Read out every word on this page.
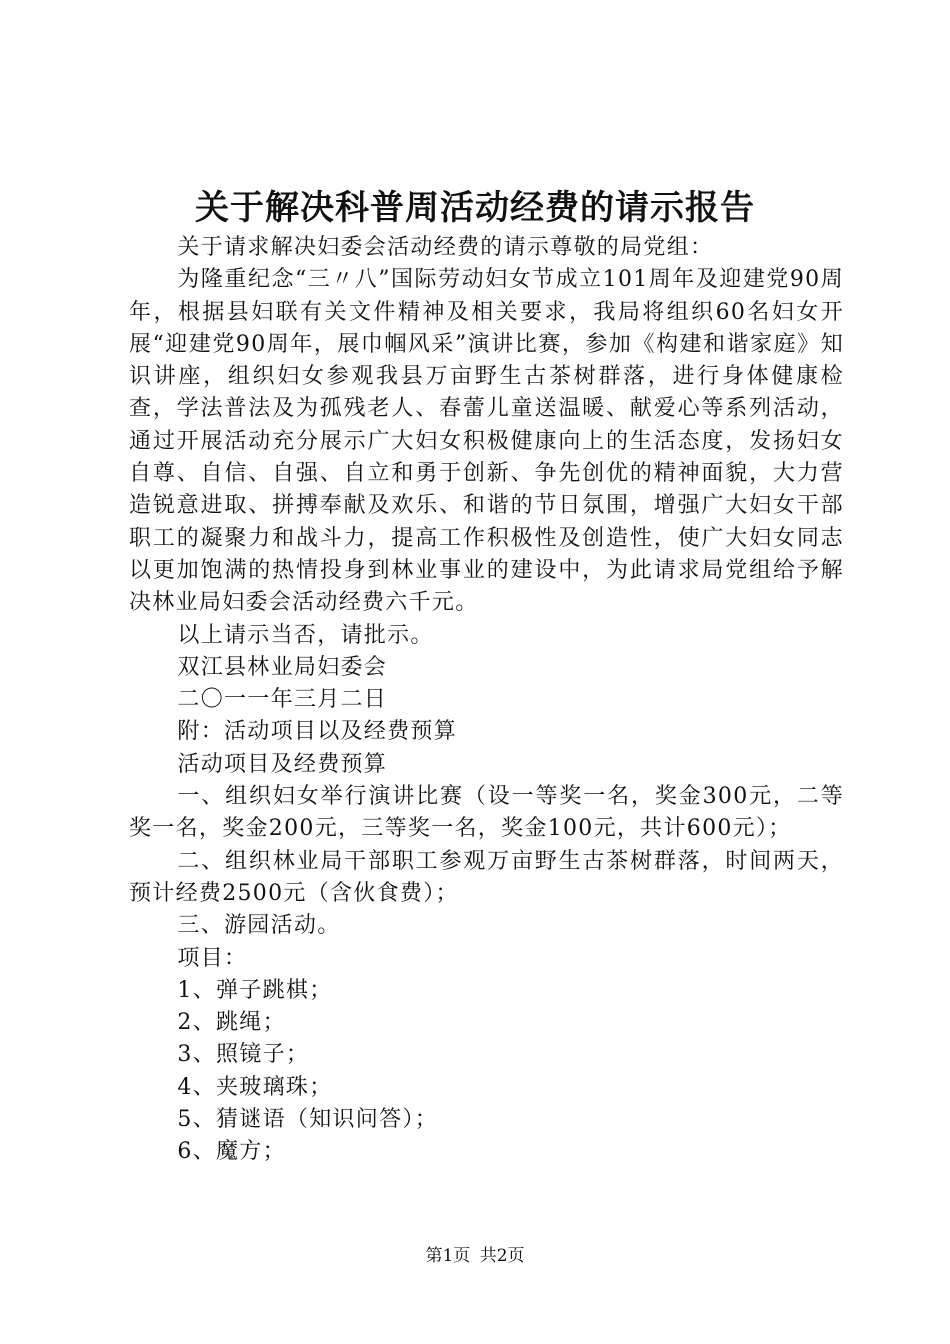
关于解决科普周活动经费的请示报告

关于请求解决妇委会活动经费的请示尊敬的局党组：

为隆重纪念“三〃八”国际劳动妇女节成立101周年及迎建党90周年，根据县妇联有关文件精神及相关要求，我局将组织60名妇女开展“迎建党90周年，展巾帼风采”演讲比赛，参加《构建和谐家庭》知识讲座，组织妇女参观我县万亩野生古茶树群落，进行身体健康检查，学法普法及为孤残老人、春蕾儿童送温暖、献爱心等系列活动，通过开展活动充分展示广大妇女积极健康向上的生活态度，发扬妇女自尊、自信、自强、自立和勇于创新、争先创优的精神面貌，大力营造锐意进取、拼搏奉献及欢乐、和谐的节日氛围，增强广大妇女干部职工的凝聚力和战斗力，提高工作积极性及创造性，使广大妇女同志以更加饱满的热情投身到林业事业的建设中，为此请求局党组给予解决林业局妇委会活动经费六千元。

以上请示当否，请批示。

双江县林业局妇委会

二〇一一年三月二日

附：活动项目以及经费预算

活动项目及经费预算

一、组织妇女举行演讲比赛（设一等奖一名，奖金300元，二等奖一名，奖金200元，三等奖一名，奖金100元，共计600元）；

二、组织林业局干部职工参观万亩野生古茶树群落，时间两天，预计经费2500元（含伙食费）；

三、游园活动。

项目：

1、弹子跳棋；

2、跳绳；

3、照镜子；

4、夹玻璃珠；

5、猜谜语（知识问答）；

6、魔方；

第1页 共2页
